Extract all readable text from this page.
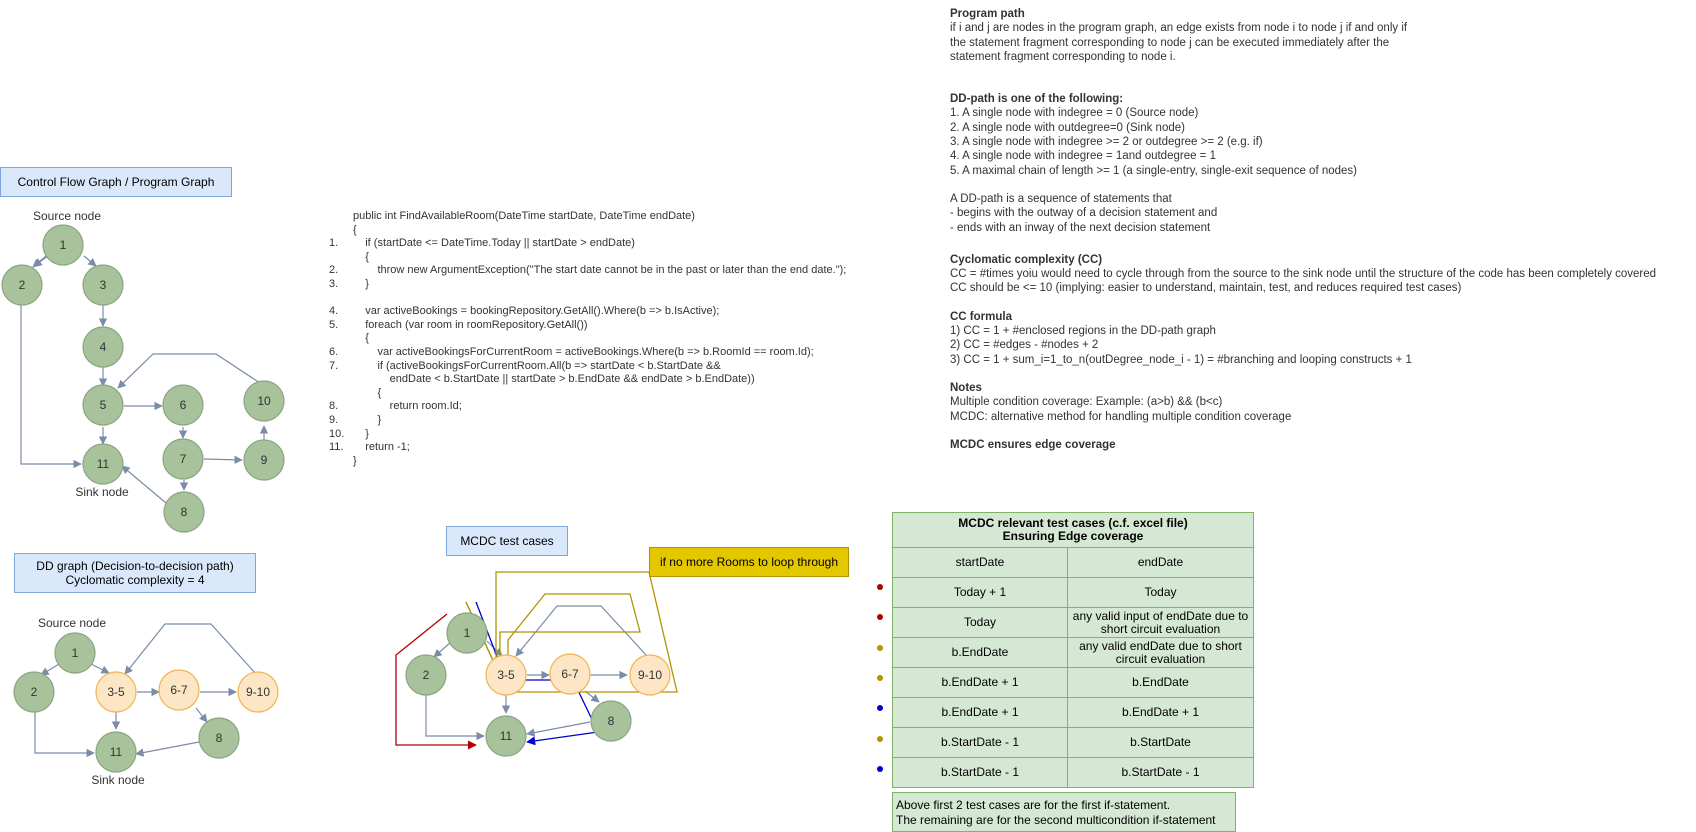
Source node
Sink node
1
2	3
4
5	6
7
8
9
10
11
Source node
Sink node
1
2	3-5	6-7
8
9-10
11
1
2	3-5	6-7
8
9-10
11
Control Flow Graph / Program Graph
DD graph (Decision-to-decision path)
Cyclomatic complexity = 4
MCDC test cases
if no more Rooms to loop through
public int FindAvailableRoom(DateTime startDate, DateTime endDate)
{
1. if (startDate <= DateTime.Today || startDate > endDate)
{
2. throw new ArgumentException("The start date cannot be in the past or later than the end date.");
3. }
4. var activeBookings = bookingRepository.GetAll().Where(b => b.IsActive);
5. foreach (var room in roomRepository.GetAll())
{
6. var activeBookingsForCurrentRoom = activeBookings.Where(b => b.RoomId == room.Id);
7. if (activeBookingsForCurrentRoom.All(b => startDate < b.StartDate &&
endDate < b.StartDate || startDate > b.EndDate && endDate > b.EndDate))
{
8. return room.Id;
9. }
10. }
11. return -1;
}
Program path
if i and j are nodes in the program graph, an edge exists from node i to node j if and only if
the statement fragment corresponding to node j can be executed immediately after the
statement fragment corresponding to node i.

DD-path is one of the following:
1. A single node with indegree = 0 (Source node)
2. A single node with outdegree=0 (Sink node)
3. A single node with indegree >= 2 or outdegree >= 2 (e.g. if)
4. A single node with indegree = 1and outdegree = 1
5. A maximal chain of length >= 1 (a single-entry, single-exit sequence of nodes)

A DD-path is a sequence of statements that
- begins with the outway of a decision statement and
- ends with an inway of the next decision statement

Cyclomatic complexity (CC)
CC = #times yoiu would need to cycle through from the source to the sink node until the structure of the code has been completely covered
CC should be <= 10 (implying: easier to understand, maintain, test, and reduces required test cases)

CC formula
1) CC = 1 + #enclosed regions in the DD-path graph
2) CC = #edges - #nodes + 2
3) CC = 1 + sum_i=1_to_n(outDegree_node_i - 1) = #branching and looping constructs + 1

Notes
Multiple condition coverage: Example: (a>b) && (b<c)
MCDC: alternative method for handling multiple condition coverage

MCDC ensures edge coverage
MCDC relevant test cases (c.f. excel file)
Ensuring Edge coverage	
startDate	endDate
Today + 1	Today
Today	any valid input of endDate due to short circuit evaluation
b.EndDate	any valid endDate due to short circuit evaluation
b.EndDate + 1	b.EndDate
b.EndDate + 1	b.EndDate + 1
b.StartDate - 1	b.StartDate
b.StartDate - 1	b.StartDate - 1
Above first 2 test cases are for the first if-statement.
The remaining are for the second multicondition if-statement
